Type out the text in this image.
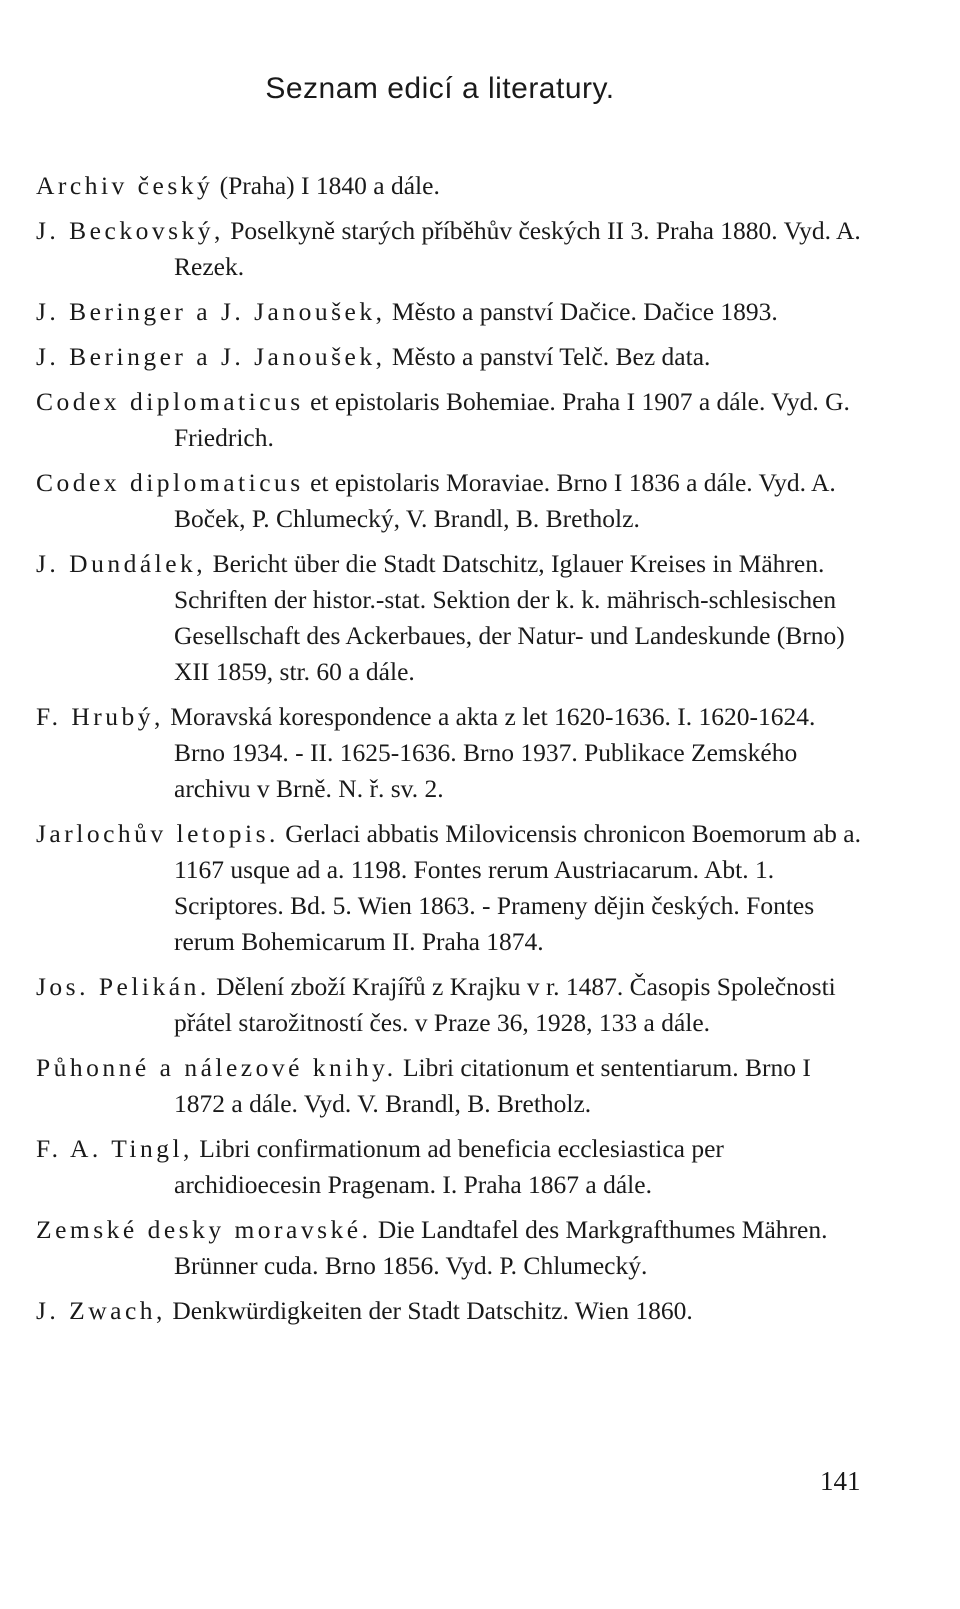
Seznam edicí a literatury.
Archiv český (Praha) I 1840 a dále.
J. Beckovský, Poselkyně starých příběhův českých II 3. Praha 1880. Vyd. A. Rezek.
J. Beringer a J. Janoušek, Město a panství Dačice. Dačice 1893.
J. Beringer a J. Janoušek, Město a panství Telč. Bez data.
Codex diplomaticus et epistolaris Bohemiae. Praha I 1907 a dále. Vyd. G. Friedrich.
Codex diplomaticus et epistolaris Moraviae. Brno I 1836 a dále. Vyd. A. Boček, P. Chlumecký, V. Brandl, B. Bretholz.
J. Dundálek, Bericht über die Stadt Datschitz, Iglauer Kreises in Mähren.
Schriften der histor.-stat. Sektion der k. k. mährisch-schlesischen Gesellschaft des Ackerbaues, der Natur- und Landeskunde (Brno) XII 1859, str. 60 a dále.
F. Hrubý, Moravská korespondence a akta z let 1620-1636. I. 1620-1624. Brno 1934. - II. 1625-1636. Brno 1937. Publikace Zemského archivu v Brně. N. ř. sv. 2.
Jarlochův letopis. Gerlaci abbatis Milovicensis chronicon Boemorum ab a. 1167 usque ad a. 1198. Fontes rerum Austriacarum. Abt. 1. Scriptores. Bd. 5. Wien 1863. - Prameny dějin českých. Fontes rerum Bohemicarum II. Praha 1874.
Jos. Pelikán. Dělení zboží Krajířů z Krajku v r. 1487. Časopis Společnosti přátel starožitností čes. v Praze 36, 1928, 133 a dále.
Půhonné a nálezové knihy. Libri citationum et sententiarum. Brno I 1872 a dále. Vyd. V. Brandl, B. Bretholz.
F. A. Tingl, Libri confirmationum ad beneficia ecclesiastica per archidioecesin Pragenam. I. Praha 1867 a dále.
Zemské desky moravské. Die Landtafel des Markgrafthumes Mähren. Brünner cuda. Brno 1856. Vyd. P. Chlumecký.
J. Zwach, Denkwürdigkeiten der Stadt Datschitz. Wien 1860.
141
